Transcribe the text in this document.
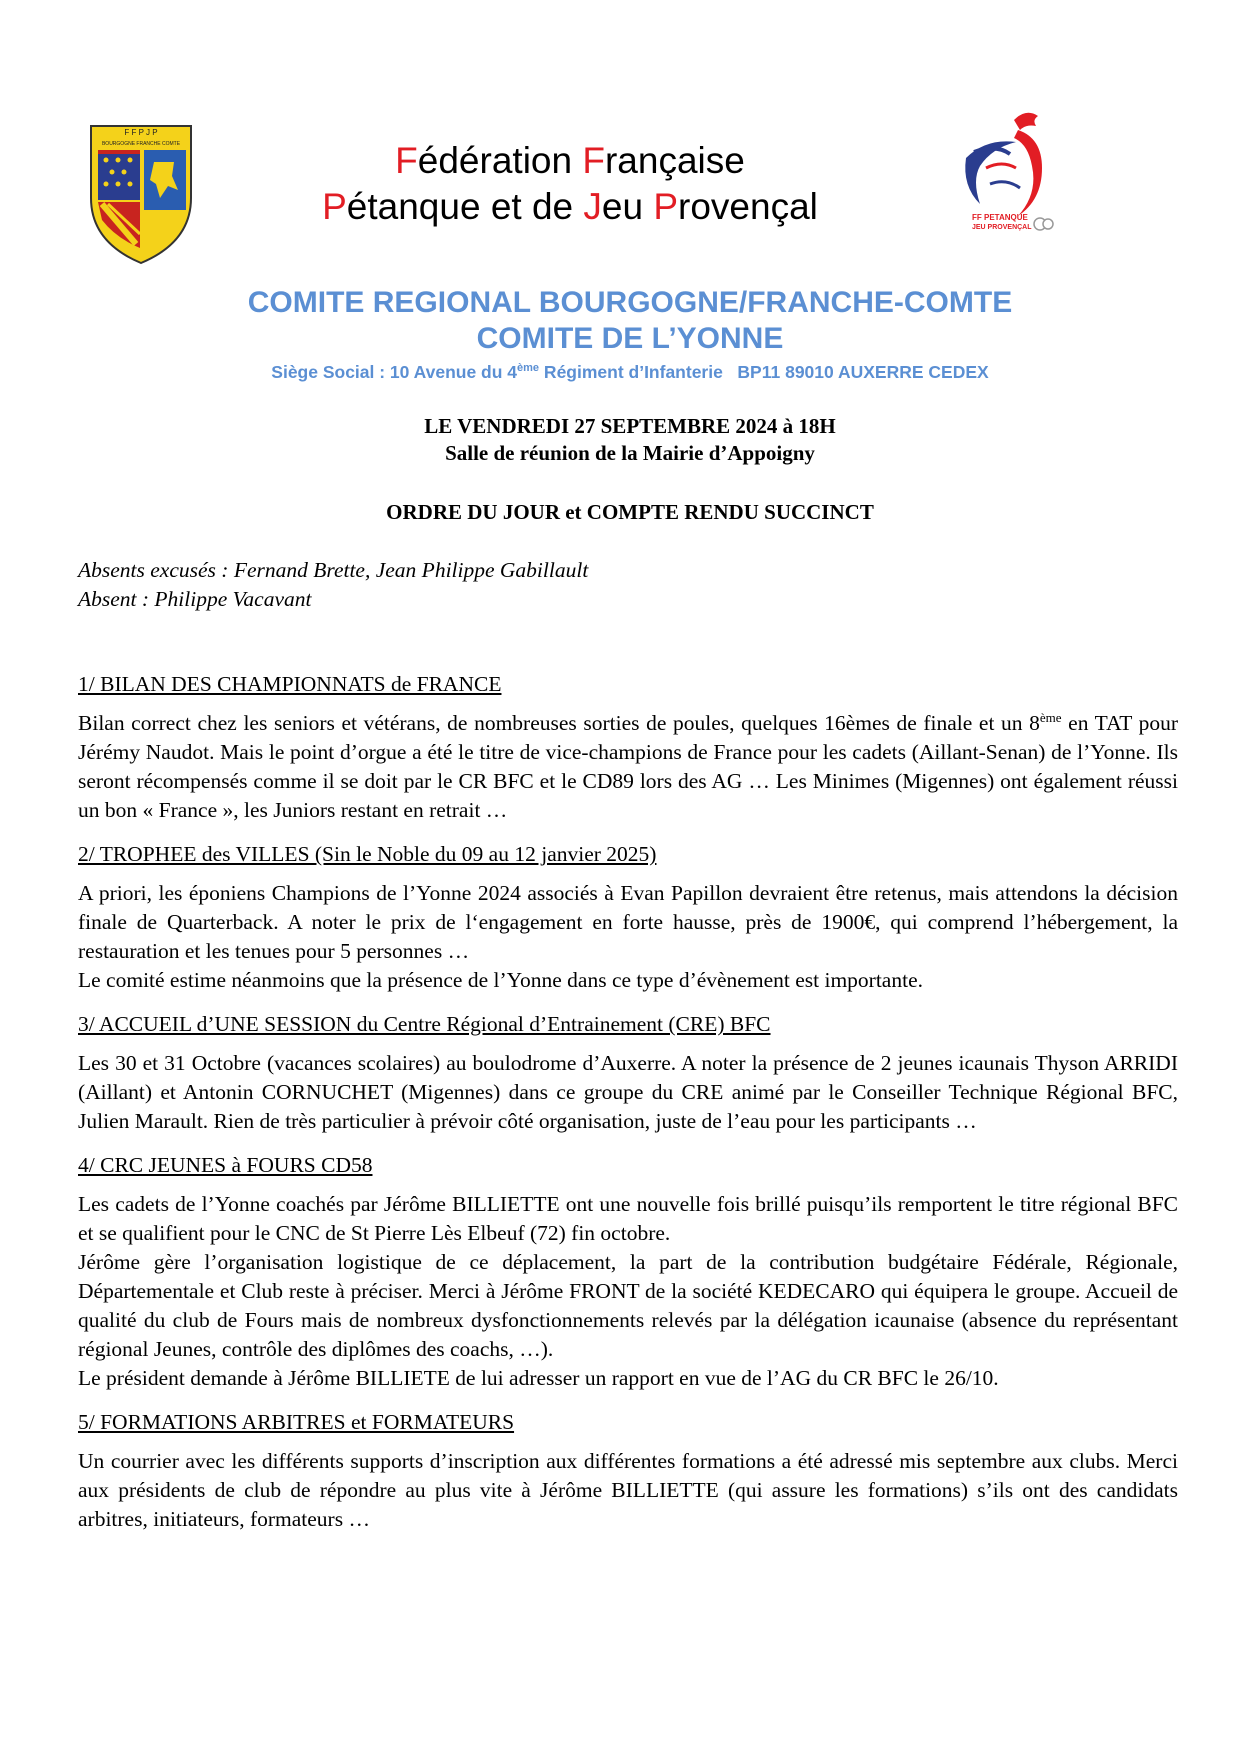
F F P J P
BOURGOGNE FRANCHE COMTE	Fédération Française
Pétanque et de Jeu Provençal	FF PETANQUE
JEU PROVENÇAL
COMITE REGIONAL BOURGOGNE/FRANCHE-COMTE
COMITE DE L’YONNE
Siège Social : 10 Avenue du 4ème Régiment d’Infanterie   BP11 89010 AUXERRE CEDEX
LE VENDREDI 27 SEPTEMBRE 2024 à 18H
Salle de réunion de la Mairie d’Appoigny
ORDRE DU JOUR et COMPTE RENDU SUCCINCT
Absents excusés : Fernand Brette, Jean Philippe Gabillault
Absent : Philippe Vacavant
1/ BILAN DES CHAMPIONNATS de FRANCE

Bilan correct chez les seniors et vétérans, de nombreuses sorties de poules, quelques 16èmes de finale et un 8ème en TAT pour Jérémy Naudot. Mais le point d’orgue a été le titre de vice-champions de France pour les cadets (Aillant-Senan) de l’Yonne. Ils seront récompensés comme il se doit par le CR BFC et le CD89 lors des AG … Les Minimes (Migennes) ont également réussi un bon « France », les Juniors restant en retrait …

2/ TROPHEE des VILLES (Sin le Noble du 09 au 12 janvier 2025)

A priori, les époniens Champions de l’Yonne 2024 associés à Evan Papillon devraient être retenus, mais attendons la décision finale de Quarterback. A noter le prix de l‘engagement en forte hausse, près de 1900€, qui comprend l’hébergement, la restauration et les tenues pour 5 personnes …

Le comité estime néanmoins que la présence de l’Yonne dans ce type d’évènement est importante.

3/ ACCUEIL d’UNE SESSION du Centre Régional d’Entrainement (CRE) BFC

Les 30 et 31 Octobre (vacances scolaires) au boulodrome d’Auxerre. A noter la présence de 2 jeunes icaunais Thyson ARRIDI (Aillant) et Antonin CORNUCHET (Migennes) dans ce groupe du CRE animé par le Conseiller Technique Régional BFC, Julien Marault. Rien de très particulier à prévoir côté organisation, juste de l’eau pour les participants …

4/ CRC JEUNES à FOURS CD58

Les cadets de l’Yonne coachés par Jérôme BILLIETTE ont une nouvelle fois brillé puisqu’ils remportent le titre régional BFC et se qualifient pour le CNC de St Pierre Lès Elbeuf (72) fin octobre.

Jérôme gère l’organisation logistique de ce déplacement, la part de la contribution budgétaire Fédérale, Régionale, Départementale et Club reste à préciser. Merci à Jérôme FRONT de la société KEDECARO qui équipera le groupe. Accueil de qualité du club de Fours mais de nombreux dysfonctionnements relevés par la délégation icaunaise (absence du représentant régional Jeunes, contrôle des diplômes des coachs, …).

Le président demande à Jérôme BILLIETE de lui adresser un rapport en vue de l’AG du CR BFC le 26/10.

5/ FORMATIONS ARBITRES et FORMATEURS

Un courrier avec les différents supports d’inscription aux différentes formations a été adressé mis septembre aux clubs. Merci aux présidents de club de répondre au plus vite à Jérôme BILLIETTE (qui assure les formations) s’ils ont des candidats arbitres, initiateurs, formateurs …
